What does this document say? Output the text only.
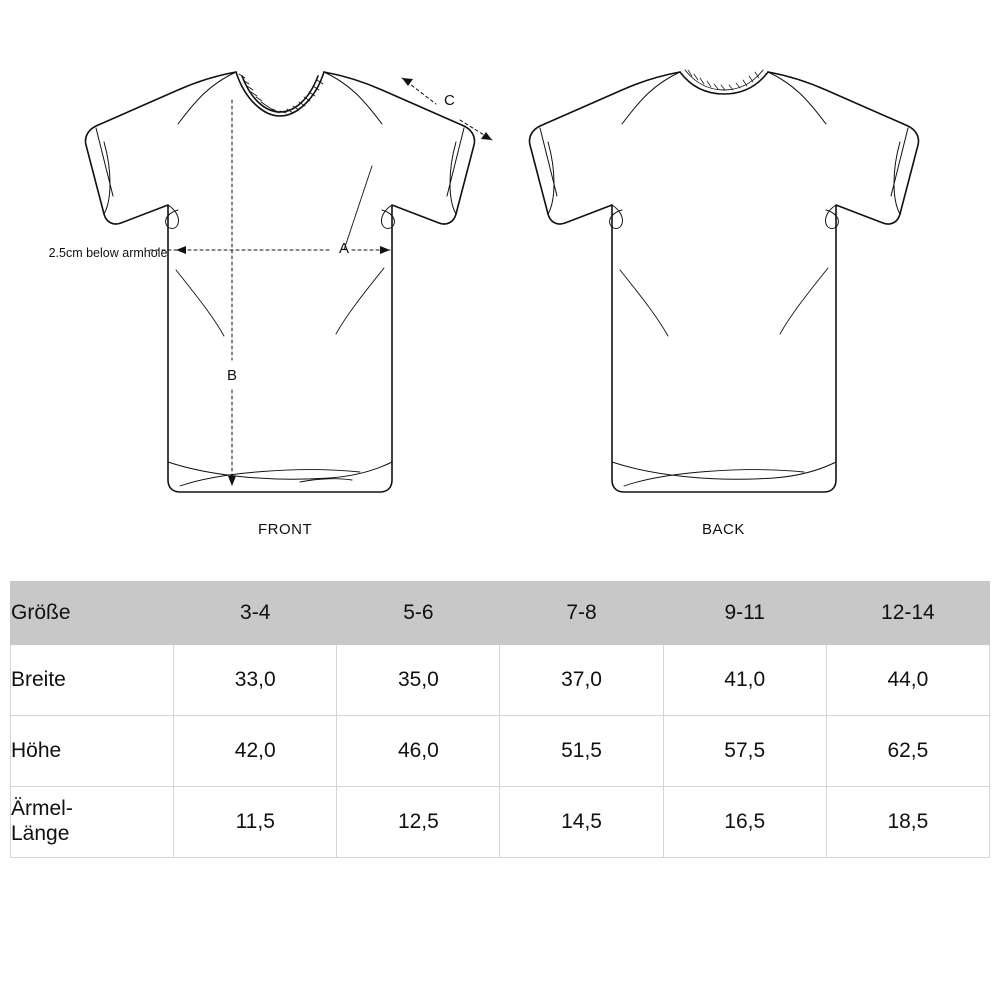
FRONT	BACK
2.5cm below armhole	A
B
C
Größe	3-4	5-6	7-8	9-11	12-14
Breite	33,0	35,0	37,0	41,0	44,0
Höhe	42,0	46,0	51,5	57,5	62,5

Ärmel-
Länge	11,5	12,5	14,5	16,5	18,5
